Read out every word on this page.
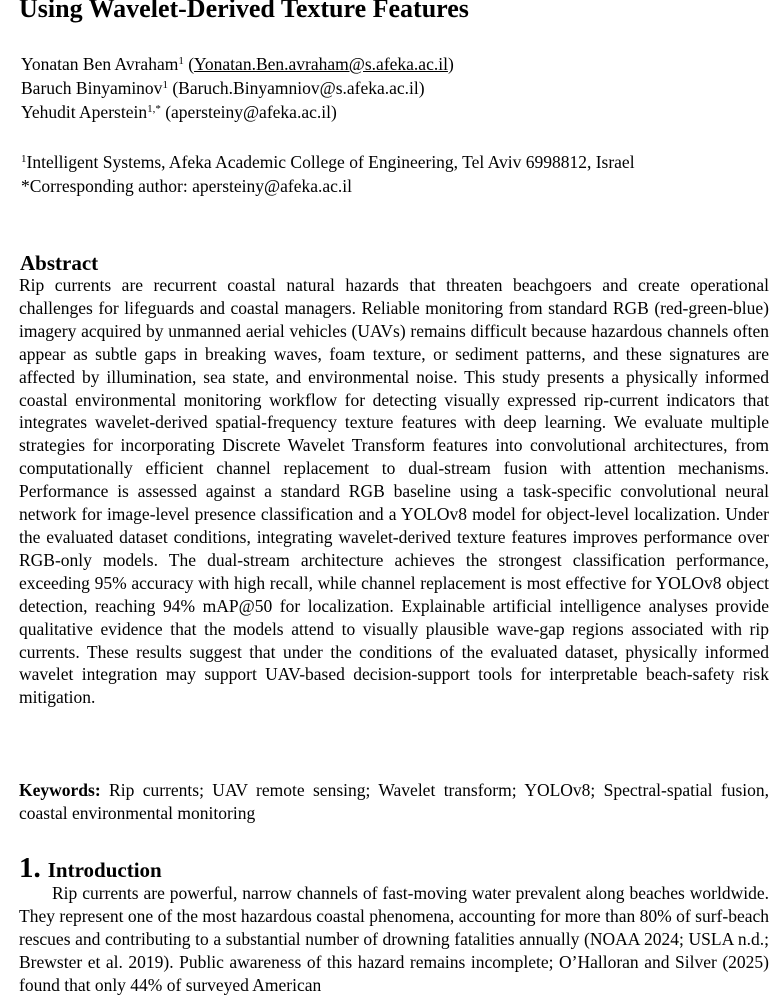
Using Wavelet-Derived Texture Features
Yonatan Ben Avraham$^1$ (Yonatan.Ben.avraham@s.afeka.ac.il)
Baruch Binyaminov$^1$ (Baruch.Binyamniov@s.afeka.ac.il)
Yehudit Aperstein$^{1,*}$ (apersteiny@afeka.ac.il)
$^1$Intelligent Systems, Afeka Academic College of Engineering, Tel Aviv 6998812, Israel
*Corresponding author: apersteiny@afeka.ac.il
Abstract
Rip currents are recurrent coastal natural hazards that threaten beachgoers and create operational challenges for lifeguards and coastal managers. Reliable monitoring from standard RGB (red-green-blue) imagery acquired by unmanned aerial vehicles (UAVs) remains difficult because hazardous channels often appear as subtle gaps in breaking waves, foam texture, or sediment patterns, and these signatures are affected by illumination, sea state, and environmental noise. This study presents a physically informed coastal environmental monitoring workflow for detecting visually expressed rip-current indicators that integrates wavelet-derived spatial-frequency texture features with deep learning. We evaluate multiple strategies for incorporating Discrete Wavelet Transform features into convolutional architectures, from computationally efficient channel replacement to dual-stream fusion with attention mechanisms. Performance is assessed against a standard RGB baseline using a task-specific convolutional neural network for image-level presence classification and a YOLOv8 model for object-level localization. Under the evaluated dataset conditions, integrating wavelet-derived texture features improves performance over RGB-only models. The dual-stream architecture achieves the strongest classification performance, exceeding 95% accuracy with high recall, while channel replacement is most effective for YOLOv8 object detection, reaching 94% mAP@50 for localization. Explainable artificial intelligence analyses provide qualitative evidence that the models attend to visually plausible wave-gap regions associated with rip currents. These results suggest that under the conditions of the evaluated dataset, physically informed wavelet integration may support UAV-based decision-support tools for interpretable beach-safety risk mitigation.
Keywords: Rip currents; UAV remote sensing; Wavelet transform; YOLOv8; Spectral-spatial fusion, coastal environmental monitoring
1. Introduction
Rip currents are powerful, narrow channels of fast-moving water prevalent along beaches worldwide. They represent one of the most hazardous coastal phenomena, accounting for more than 80% of surf-beach rescues and contributing to a substantial number of drowning fatalities annually (NOAA 2024; USLA n.d.; Brewster et al. 2019). Public awareness of this hazard remains incomplete; O’Halloran and Silver (2025) found that only 44% of surveyed American
